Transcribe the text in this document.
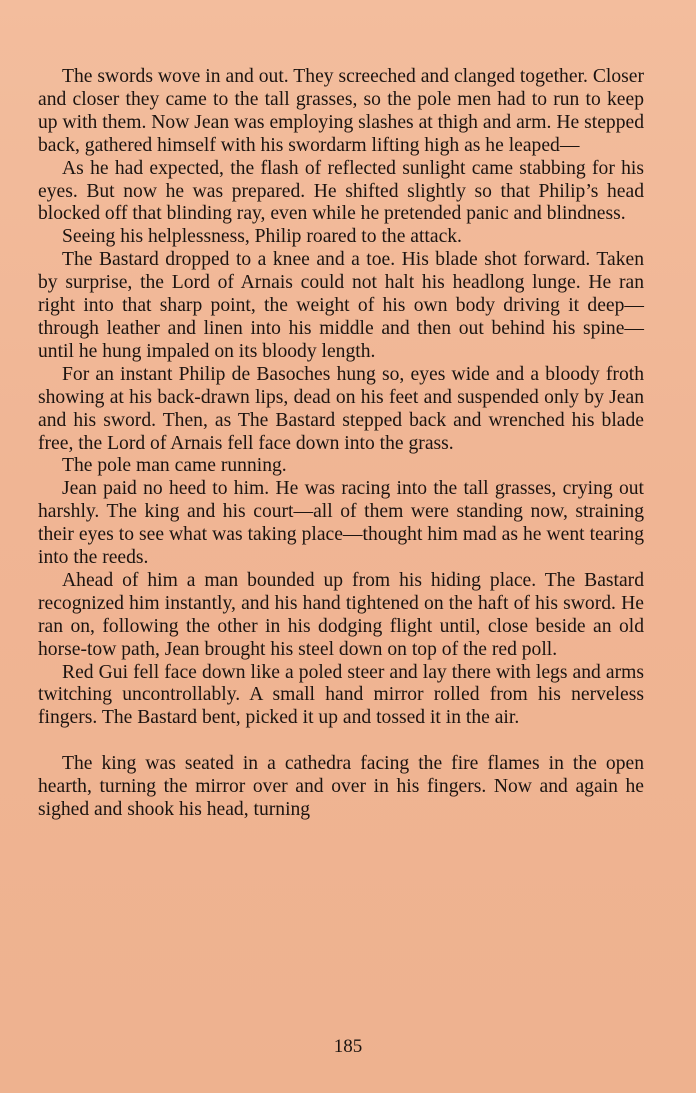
The swords wove in and out. They screeched and clanged together. Closer and closer they came to the tall grasses, so the pole men had to run to keep up with them. Now Jean was employing slashes at thigh and arm. He stepped back, gathered himself with his swordarm lifting high as he leaped—

As he had expected, the flash of reflected sunlight came stabbing for his eyes. But now he was prepared. He shifted slightly so that Philip’s head blocked off that blinding ray, even while he pretended panic and blindness.

Seeing his helplessness, Philip roared to the attack.

The Bastard dropped to a knee and a toe. His blade shot forward. Taken by surprise, the Lord of Arnais could not halt his headlong lunge. He ran right into that sharp point, the weight of his own body driving it deep—through leather and linen into his middle and then out behind his spine—until he hung impaled on its bloody length.

For an instant Philip de Basoches hung so, eyes wide and a bloody froth showing at his back-drawn lips, dead on his feet and suspended only by Jean and his sword. Then, as The Bastard stepped back and wrenched his blade free, the Lord of Arnais fell face down into the grass.

The pole man came running.

Jean paid no heed to him. He was racing into the tall grasses, crying out harshly. The king and his court—all of them were standing now, straining their eyes to see what was taking place—thought him mad as he went tearing into the reeds.

Ahead of him a man bounded up from his hiding place. The Bastard recognized him instantly, and his hand tightened on the haft of his sword. He ran on, following the other in his dodging flight until, close beside an old horse-tow path, Jean brought his steel down on top of the red poll.

Red Gui fell face down like a poled steer and lay there with legs and arms twitching uncontrollably. A small hand mirror rolled from his nerveless fingers. The Bastard bent, picked it up and tossed it in the air.

The king was seated in a cathedra facing the fire flames in the open hearth, turning the mirror over and over in his fingers. Now and again he sighed and shook his head, turning

185
